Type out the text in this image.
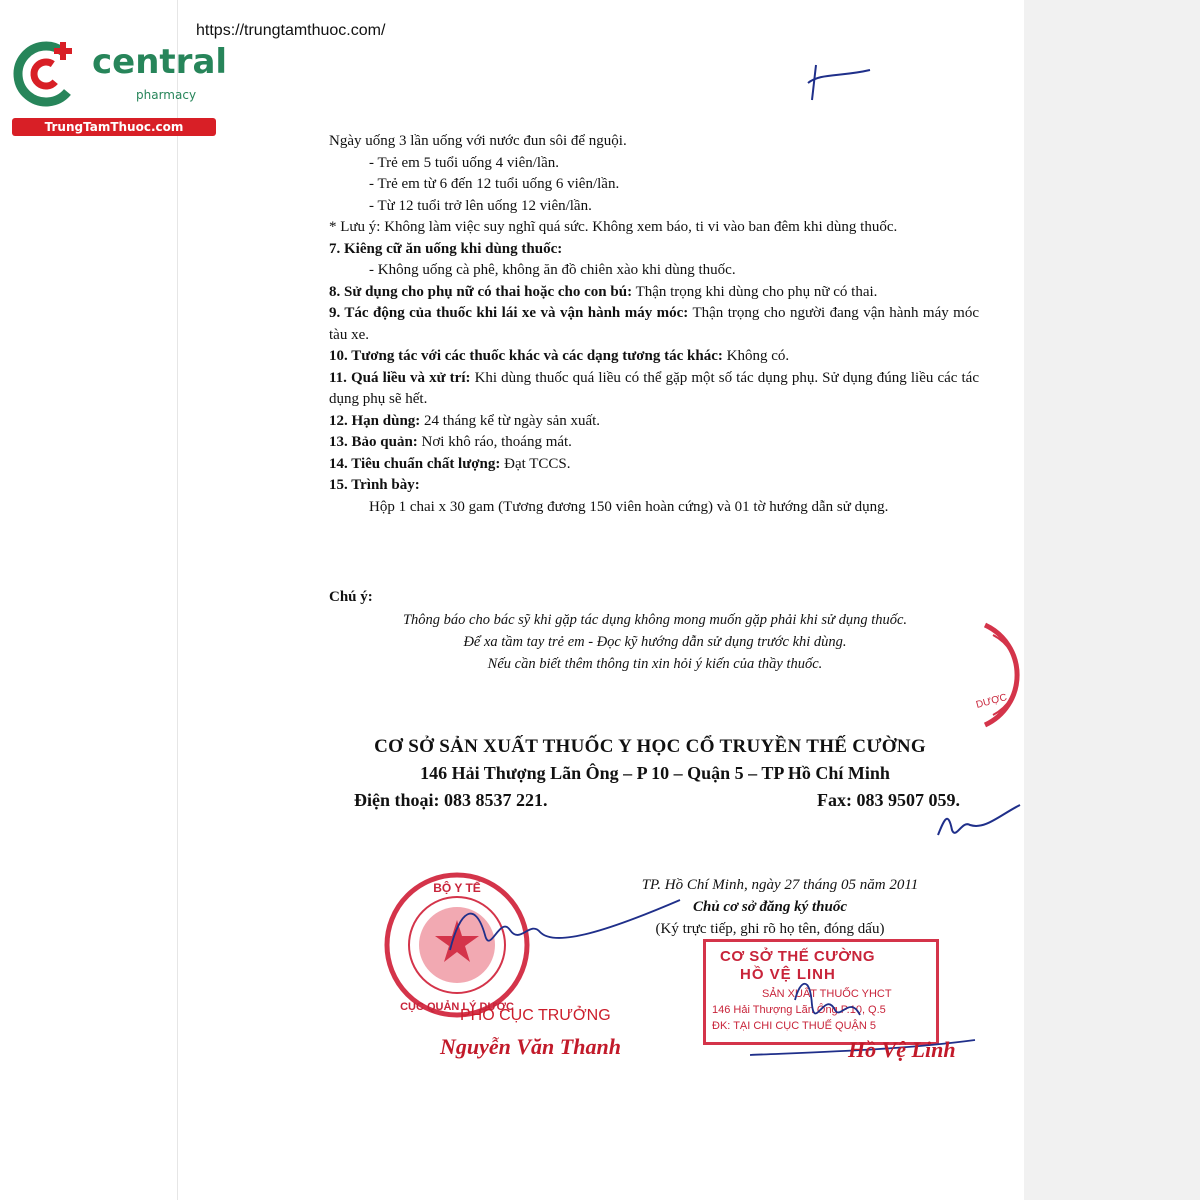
central
pharmacy
TrungTamThuoc.com
https://trungtamthuoc.com/

Ngày uống 3 lần uống với nước đun sôi để nguội.

- Trẻ em 5 tuổi uống 4 viên/lần.

- Trẻ em từ 6 đến 12 tuổi uống 6 viên/lần.

- Từ 12 tuổi trở lên uống 12 viên/lần.

* Lưu ý: Không làm việc suy nghĩ quá sức. Không xem báo, ti vi vào ban đêm khi dùng thuốc.

7. Kiêng cữ ăn uống khi dùng thuốc:

- Không uống cà phê, không ăn đồ chiên xào khi dùng thuốc.

8. Sử dụng cho phụ nữ có thai hoặc cho con bú: Thận trọng khi dùng cho phụ nữ có thai.

9. Tác động của thuốc khi lái xe và vận hành máy móc: Thận trọng cho người đang vận hành máy móc tàu xe.

10. Tương tác với các thuốc khác và các dạng tương tác khác: Không có.

11. Quá liều và xử trí: Khi dùng thuốc quá liều có thể gặp một số tác dụng phụ. Sử dụng đúng liều các tác dụng phụ sẽ hết.

12. Hạn dùng: 24 tháng kể từ ngày sản xuất.

13. Bảo quản: Nơi khô ráo, thoáng mát.

14. Tiêu chuẩn chất lượng: Đạt TCCS.

15. Trình bày:

Hộp 1 chai x 30 gam (Tương đương 150 viên hoàn cứng) và 01 tờ hướng dẫn sử dụng.

Chú ý:
Thông báo cho bác sỹ khi gặp tác dụng không mong muốn gặp phải khi sử dụng thuốc.
Để xa tầm tay trẻ em - Đọc kỹ hướng dẫn sử dụng trước khi dùng.
Nếu cần biết thêm thông tin xin hỏi ý kiến của thầy thuốc.
DƯỢC
CƠ SỞ SẢN XUẤT THUỐC Y HỌC CỔ TRUYỀN THẾ CƯỜNG
146 Hải Thượng Lãn Ông – P 10 – Quận 5 – TP Hồ Chí Minh
Điện thoại: 083 8537 221.	Fax: 083 9507 059.
TP. Hồ Chí Minh, ngày 27 tháng 05 năm 2011
Chủ cơ sở đăng ký thuốc
(Ký trực tiếp, ghi rõ họ tên, đóng dấu)
BỘ Y TẾ
CỤC QUẢN LÝ DƯỢC
PHÓ CỤC TRƯỞNG
Nguyễn Văn Thanh
CƠ SỞ THẾ CƯỜNG
HỒ VỆ LINH
SẢN XUẤT THUỐC YHCT
146 Hải Thượng Lãn Ông P.10, Q.5
ĐK: TẠI CHI CỤC THUẾ QUẬN 5
Hồ Vệ Linh
